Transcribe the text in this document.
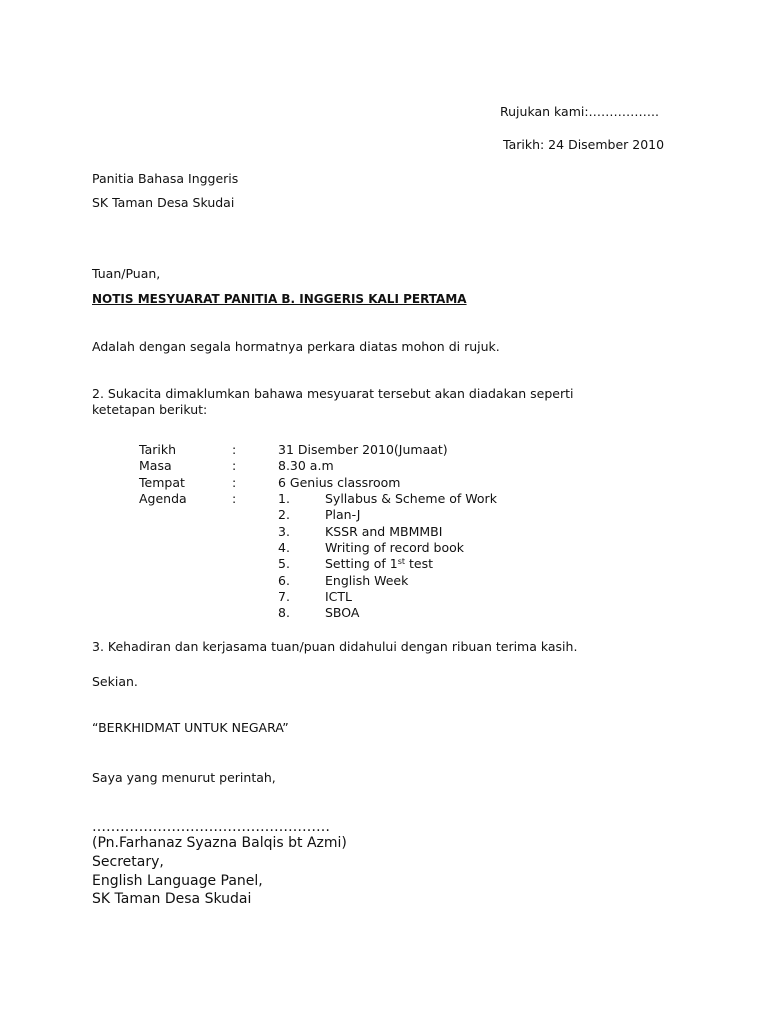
Rujukan kami:……………..
Tarikh: 24 Disember 2010
Panitia Bahasa Inggeris
SK Taman Desa Skudai
Tuan/Puan,
NOTIS MESYUARAT PANITIA B. INGGERIS KALI PERTAMA
Adalah dengan segala hormatnya perkara diatas mohon di rujuk.
2. Sukacita dimaklumkan bahawa mesyuarat tersebut akan diadakan seperti
ketetapan berikut:
Tarikh	:	31 Disember 2010(Jumaat)
Masa	:	8.30 a.m
Tempat	:	6 Genius classroom
Agenda	:	1.	Syllabus & Scheme of Work
2.	Plan-J
3.	KSSR and MBMMBI
4.	Writing of record book
5.	Setting of 1st test
6.	English Week
7.	ICTL
8.	SBOA
3. Kehadiran dan kerjasama tuan/puan didahului dengan ribuan terima kasih.
Sekian.
“BERKHIDMAT UNTUK NEGARA”
Saya yang menurut perintah,
……………………………………………
(Pn.Farhanaz Syazna Balqis bt Azmi)
Secretary,
English Language Panel,
SK Taman Desa Skudai
